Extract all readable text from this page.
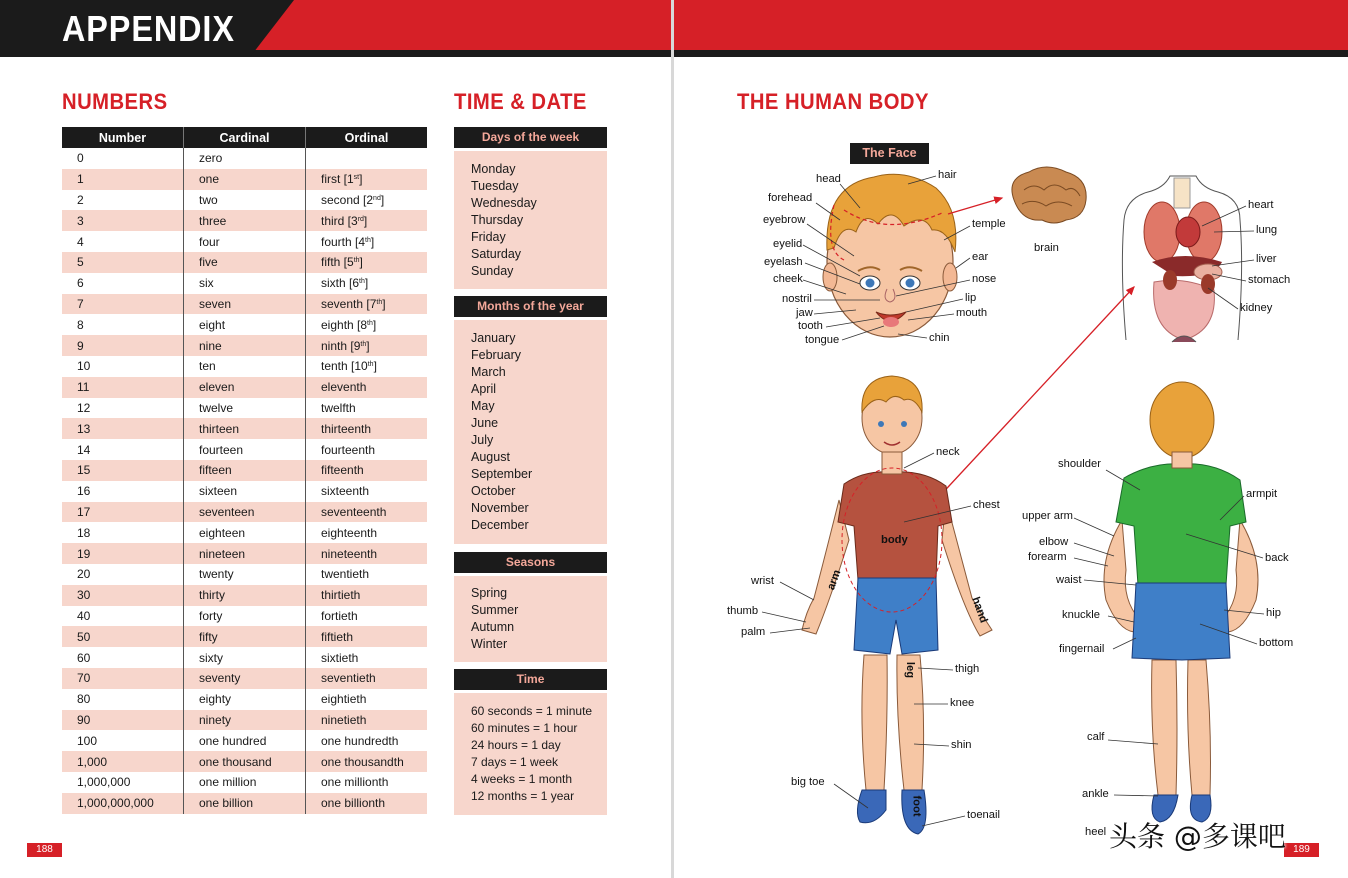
APPENDIX
NUMBERS	TIME & DATE
Number	Cardinal	Ordinal
0	zero	
1	one	first [1st]
2	two	second [2nd]
3	three	third [3rd]
4	four	fourth [4th]
5	five	fifth [5th]
6	six	sixth [6th]
7	seven	seventh [7th]
8	eight	eighth [8th]
9	nine	ninth [9th]
10	ten	tenth [10th]
11	eleven	eleventh
12	twelve	twelfth
13	thirteen	thirteenth
14	fourteen	fourteenth
15	fifteen	fifteenth
16	sixteen	sixteenth
17	seventeen	seventeenth
18	eighteen	eighteenth
19	nineteen	nineteenth
20	twenty	twentieth
30	thirty	thirtieth
40	forty	fortieth
50	fifty	fiftieth
60	sixty	sixtieth
70	seventy	seventieth
80	eighty	eightieth
90	ninety	ninetieth
100	one hundred	one hundredth
1,000	one thousand	one thousandth
1,000,000	one million	one millionth
1,000,000,000	one billion	one billionth
Days of the week
Monday
Tuesday
Wednesday
Thursday
Friday
Saturday
Sunday
Months of the year
January
February
March
April
May
June
July
August
September
October
November
December
Seasons
Spring
Summer
Autumn
Winter
Time
60 seconds = 1 minute
60 minutes = 1 hour
24 hours = 1 day
7 days = 1 week
4 weeks = 1 month
12 months = 1 year
188
THE HUMAN BODY
The Face
head	hair
forehead
eyebrow	temple
eyelid
eyelash	ear
cheek	nose
nostril	lip
jaw	mouth
tooth
tongue	chin
brain
heart
lung
liver
stomach
kidney
neck
chest
body
arm
hand
leg
foot
wrist
thumb
palm
thigh
knee
shin
big toe
toenail
shoulder
armpit
upper arm
elbow
forearm	back
waist
knuckle	hip
fingernail	bottom
calf
ankle
heel
189
头条 @多课吧
